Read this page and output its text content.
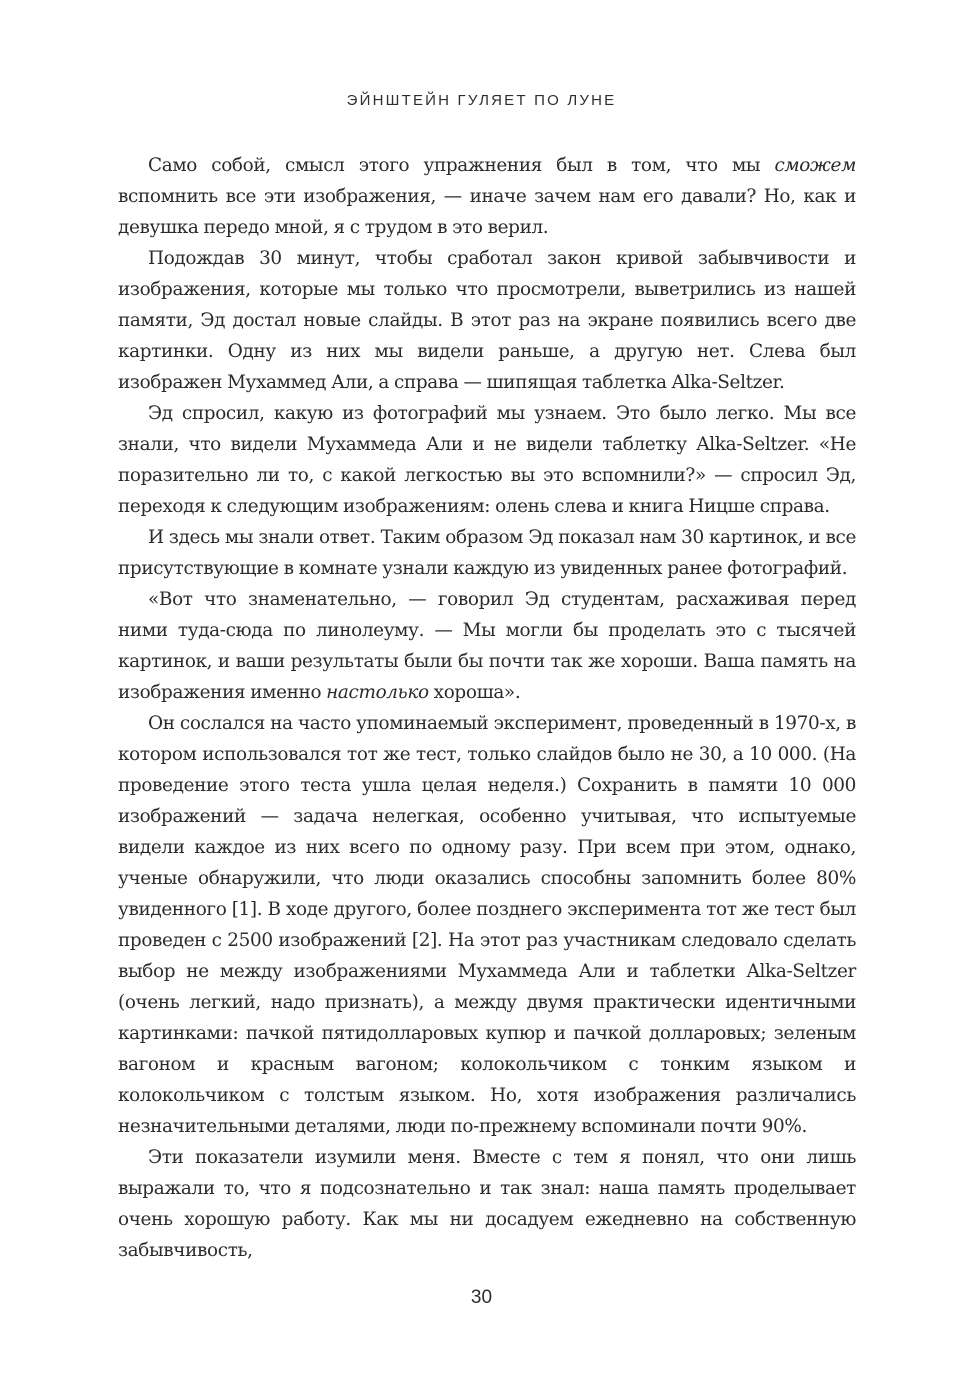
ЭЙНШТЕЙН ГУЛЯЕТ ПО ЛУНЕ

Само собой, смысл этого упражнения был в том, что мы сможем вспомнить все эти изображения, — иначе зачем нам его давали? Но, как и девушка передо мной, я с трудом в это верил.

Подождав 30 минут, чтобы сработал закон кривой забывчивости и изображения, которые мы только что просмотрели, выветрились из нашей памяти, Эд достал новые слайды. В этот раз на экране появились всего две картинки. Одну из них мы видели раньше, а другую нет. Слева был изображен Мухаммед Али, а справа — шипящая таблетка Alka-Seltzer.

Эд спросил, какую из фотографий мы узнаем. Это было легко. Мы все знали, что видели Мухаммеда Али и не видели таблетку Alka-Seltzer. «Не поразительно ли то, с какой легкостью вы это вспомнили?» — спросил Эд, переходя к следующим изображениям: олень слева и книга Ницше справа.

И здесь мы знали ответ. Таким образом Эд показал нам 30 картинок, и все присутствующие в комнате узнали каждую из увиденных ранее фотографий.

«Вот что знаменательно, — говорил Эд студентам, расхаживая перед ними туда-сюда по линолеуму. — Мы могли бы проделать это с тысячей картинок, и ваши результаты были бы почти так же хороши. Ваша память на изображения именно настолько хороша».

Он сослался на часто упоминаемый эксперимент, проведенный в 1970-х, в котором использовался тот же тест, только слайдов было не 30, а 10 000. (На проведение этого теста ушла целая неделя.) Сохранить в памяти 10 000 изображений — задача нелегкая, особенно учитывая, что испытуемые видели каждое из них всего по одному разу. При всем при этом, однако, ученые обнаружили, что люди оказались способны запомнить более 80% увиденного [1]. В ходе другого, более позднего эксперимента тот же тест был проведен с 2500 изображений [2]. На этот раз участникам следовало сделать выбор не между изображениями Мухаммеда Али и таблетки Alka-Seltzer (очень легкий, надо признать), а между двумя практически идентичными картинками: пачкой пятидолларовых купюр и пачкой долларовых; зеленым вагоном и красным вагоном; колокольчиком с тонким языком и колокольчиком с толстым языком. Но, хотя изображения различались незначительными деталями, люди по-прежнему вспоминали почти 90%.

Эти показатели изумили меня. Вместе с тем я понял, что они лишь выражали то, что я подсознательно и так знал: наша память проделывает очень хорошую работу. Как мы ни досадуем ежедневно на собственную забывчивость,

30
